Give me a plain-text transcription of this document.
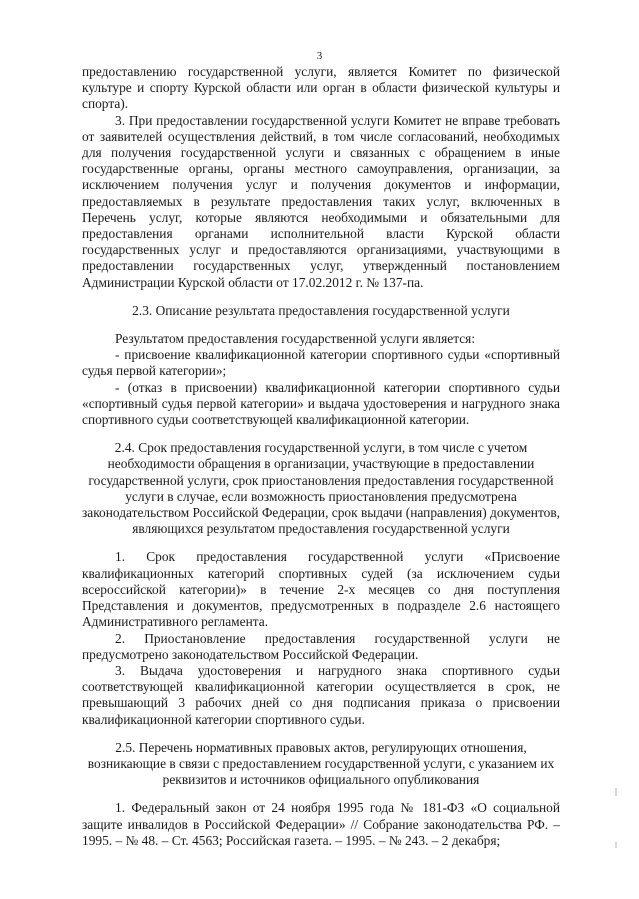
3

предоставлению государственной услуги, является Комитет по физической культуре и спорту Курской области или орган в области физической культуры и спорта).

3. При предоставлении государственной услуги Комитет не вправе требовать от заявителей осуществления действий, в том числе согласований, необходимых для получения государственной услуги и связанных с обращением в иные государственные органы, органы местного самоуправления, организации, за исключением получения услуг и получения документов и информации, предоставляемых в результате предоставления таких услуг, включенных в Перечень услуг, которые являются необходимыми и обязательными для предоставления органами исполнительной власти Курской области государственных услуг и предоставляются организациями, участвующими в предоставлении государственных услуг, утвержденный постановлением Администрации Курской области от 17.02.2012 г. № 137-па.

2.3. Описание результата предоставления государственной услуги

Результатом предоставления государственной услуги является:

- присвоение квалификационной категории спортивного судьи «спортивный судья первой категории»;

- (отказ в присвоении) квалификационной категории спортивного судьи «спортивный судья первой категории» и выдача удостоверения и нагрудного знака спортивного судьи соответствующей квалификационной категории.

2.4. Срок предоставления государственной услуги, в том числе с учетом необходимости обращения в организации, участвующие в предоставлении государственной услуги, срок приостановления предоставления государственной услуги в случае, если возможность приостановления предусмотрена законодательством Российской Федерации, срок выдачи (направления) документов, являющихся результатом предоставления государственной услуги

1. Срок предоставления государственной услуги «Присвоение квалификационных категорий спортивных судей (за исключением судьи всероссийской категории)» в течение 2-х месяцев со дня поступления Представления и документов, предусмотренных в подразделе 2.6 настоящего Административного регламента.

2. Приостановление предоставления государственной услуги не предусмотрено законодательством Российской Федерации.

3. Выдача удостоверения и нагрудного знака спортивного судьи соответствующей квалификационной категории осуществляется в срок, не превышающий 3 рабочих дней со дня подписания приказа о присвоении квалификационной категории спортивного судьи.

2.5. Перечень нормативных правовых актов, регулирующих отношения, возникающие в связи с предоставлением государственной услуги, с указанием их реквизитов и источников официального опубликования

1. Федеральный закон от 24 ноября 1995 года № 181-ФЗ «О социальной защите инвалидов в Российской Федерации» // Собрание законодательства РФ. – 1995. – № 48. – Ст. 4563; Российская газета. – 1995. – № 243. – 2 декабря;
